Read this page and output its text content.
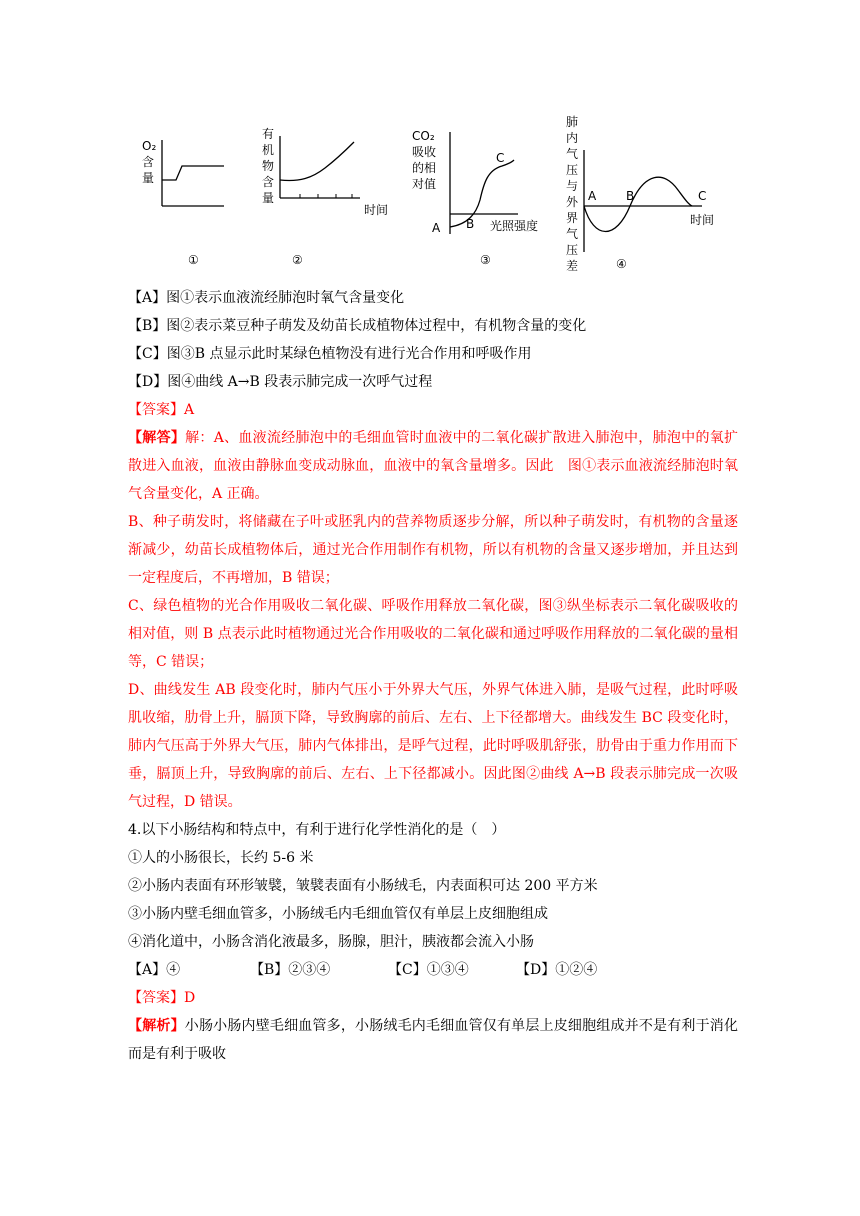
O₂
含
量
①
有
机
物
含
量
时间
②
CO₂
吸收
的相
对值
A B
C
光照强度
③
肺
内
气
压
与
外
界
气
压
差
A B	C
时间
④
【A】图①表示血液流经肺泡时氧气含量变化
【B】图②表示菜豆种子萌发及幼苗长成植物体过程中，有机物含量的变化
【C】图③B 点显示此时某绿色植物没有进行光合作用和呼吸作用
【D】图④曲线 A→B 段表示肺完成一次呼气过程
【答案】A

【解答】解：A、血液流经肺泡中的毛细血管时血液中的二氧化碳扩散进入肺泡中，肺泡中的氧扩散进入血液，血液由静脉血变成动脉血，血液中的氧含量增多。因此　图①表示血液流经肺泡时氧气含量变化，A 正确。

B、种子萌发时，将储藏在子叶或胚乳内的营养物质逐步分解，所以种子萌发时，有机物的含量逐渐减少，幼苗长成植物体后，通过光合作用制作有机物，所以有机物的含量又逐步增加，并且达到一定程度后，不再增加，B 错误；

C、绿色植物的光合作用吸收二氧化碳、呼吸作用释放二氧化碳，图③纵坐标表示二氧化碳吸收的相对值，则 B 点表示此时植物通过光合作用吸收的二氧化碳和通过呼吸作用释放的二氧化碳的量相等，C 错误；

D、曲线发生 AB 段变化时，肺内气压小于外界大气压，外界气体进入肺，是吸气过程，此时呼吸肌收缩，肋骨上升，膈顶下降，导致胸廓的前后、左右、上下径都增大。曲线发生 BC 段变化时，肺内气压高于外界大气压，肺内气体排出，是呼气过程，此时呼吸肌舒张，肋骨由于重力作用而下垂，膈顶上升，导致胸廓的前后、左右、上下径都减小。因此图②曲线 A→B 段表示肺完成一次吸气过程，D 错误。

4.以下小肠结构和特点中，有利于进行化学性消化的是（　）
①人的小肠很长，长约 5-6 米
②小肠内表面有环形皱襞，皱襞表面有小肠绒毛，内表面积可达 200 平方米
③小肠内壁毛细血管多，小肠绒毛内毛细血管仅有单层上皮细胞组成
④消化道中，小肠含消化液最多，肠腺，胆汁，胰液都会流入小肠
【A】④	【B】②③④	【C】①③④	【D】①②④
【答案】D

【解析】小肠小肠内壁毛细血管多，小肠绒毛内毛细血管仅有单层上皮细胞组成并不是有利于消化而是有利于吸收
